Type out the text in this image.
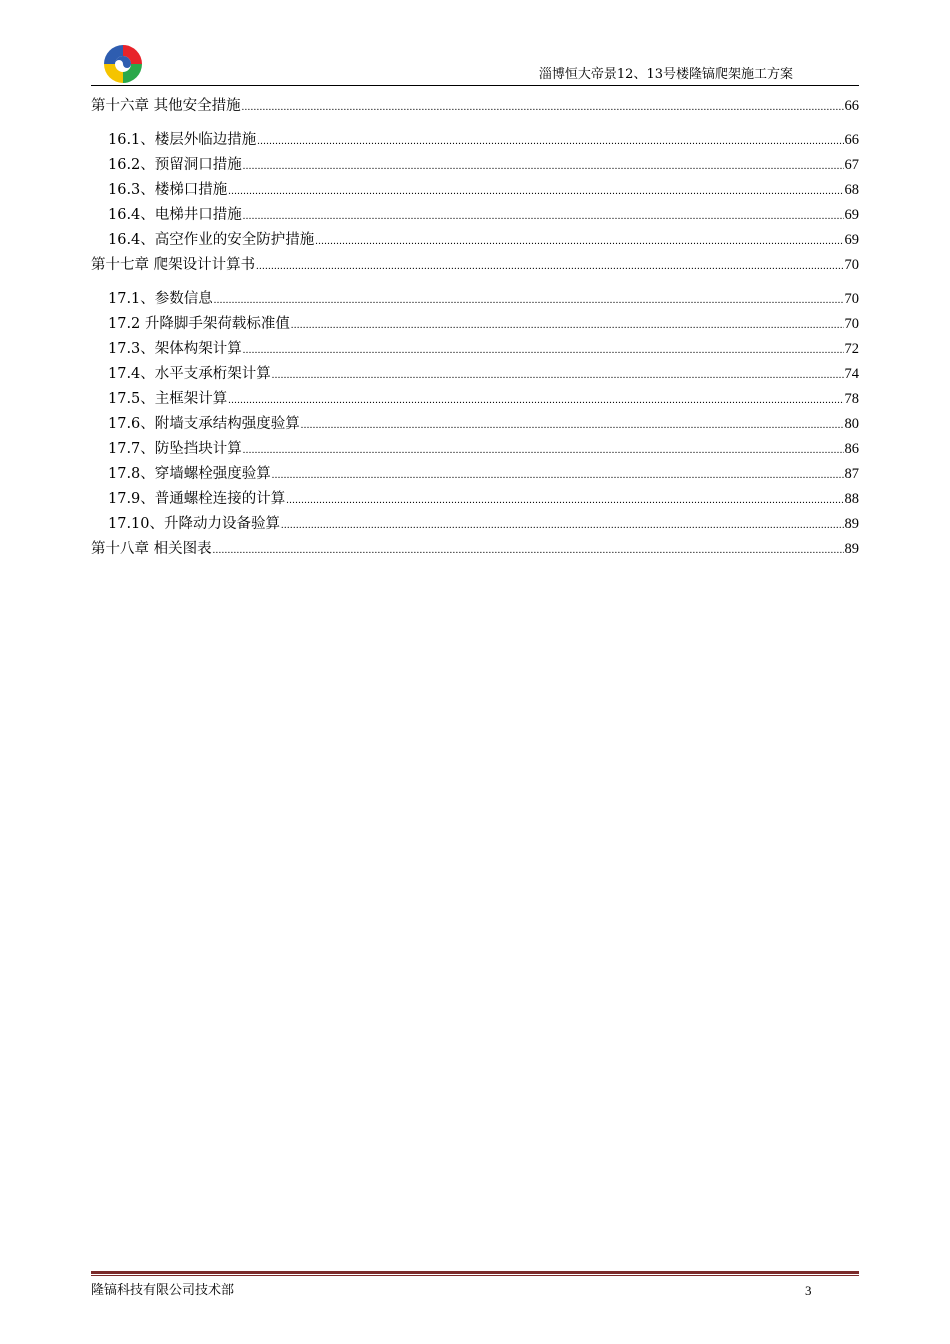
淄博恒大帝景12、13号楼隆镐爬架施工方案
第十六章 其他安全措施 .....	66
16.1、楼层外临边措施 .....	66
16.2、预留洞口措施 .....	67
16.3、楼梯口措施 .....	68
16.4、电梯井口措施 .....	69
16.4、高空作业的安全防护措施 .....	69
第十七章 爬架设计计算书 .....	70
17.1、参数信息 .....	70
17.2 升降脚手架荷载标准值 .....	70
17.3、架体构架计算 .....	72
17.4、水平支承桁架计算 .....	74
17.5、主框架计算 .....	78
17.6、附墙支承结构强度验算 .....	80
17.7、防坠挡块计算 .....	86
17.8、穿墙螺栓强度验算 .....	87
17.9、普通螺栓连接的计算 .....	88
17.10、升降动力设备验算 .....	89
第十八章 相关图表 .....	89
隆镐科技有限公司技术部	3
